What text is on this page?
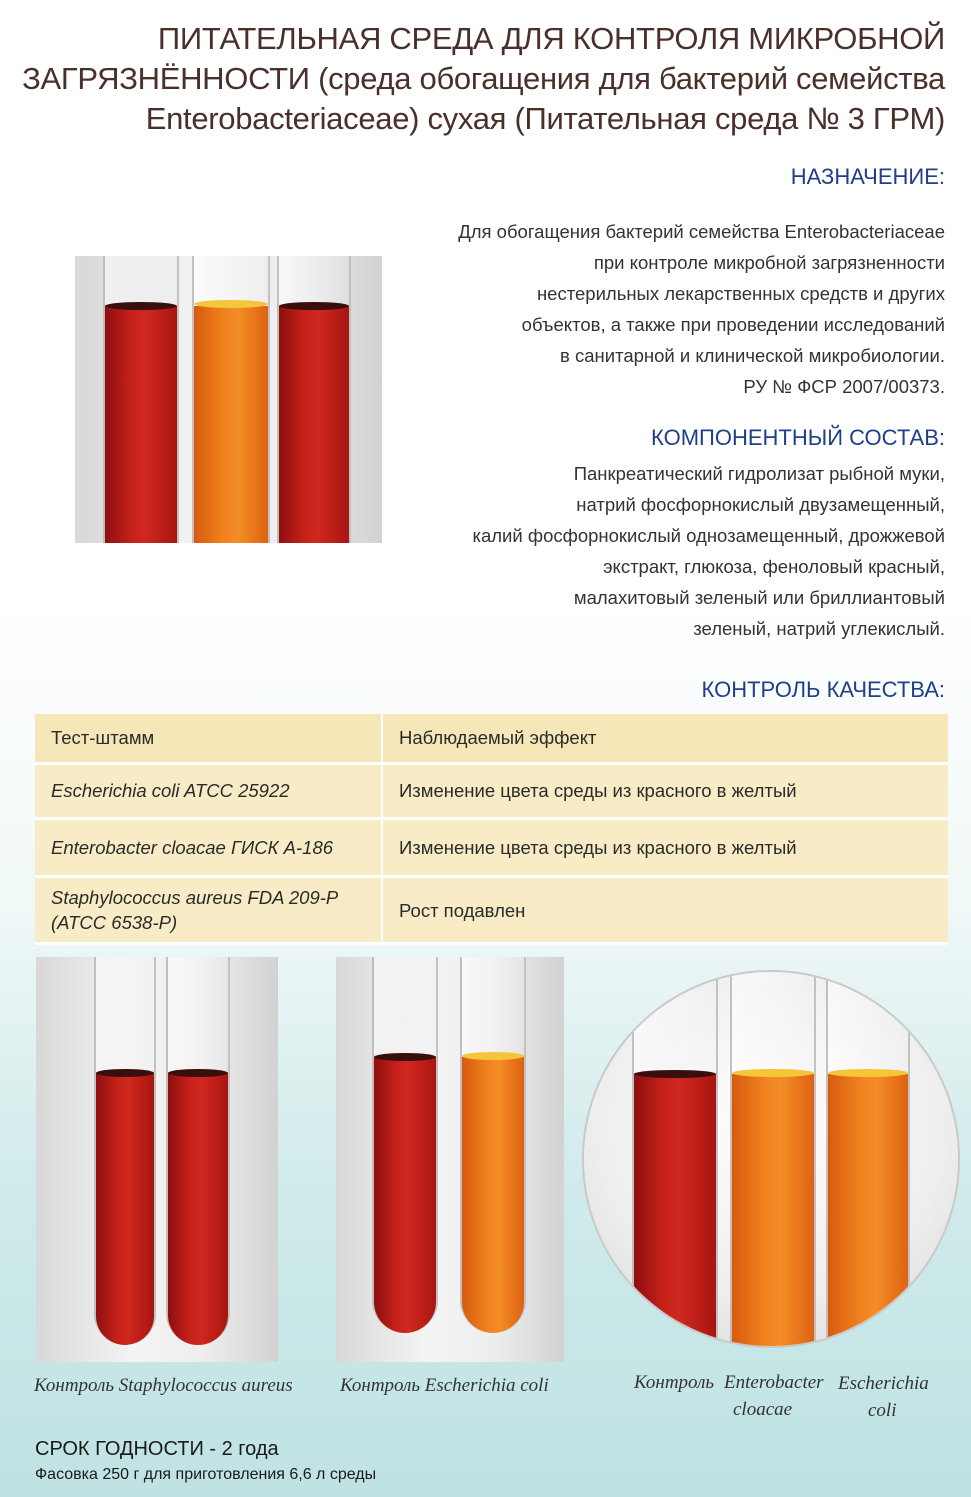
ПИТАТЕЛЬНАЯ СРЕДА ДЛЯ КОНТРОЛЯ МИКРОБНОЙ
ЗАГРЯЗНЁННОСТИ (среда обогащения для бактерий семейства
Enterobacteriaceae) сухая (Питательная среда № 3 ГРМ)
НАЗНАЧЕНИЕ:
Для обогащения бактерий семейства Enterobacteriaceae
при контроле микробной загрязненности
нестерильных лекарственных средств и других
объектов, а также при проведении исследований
в санитарной и клинической микробиологии.
РУ № ФСР 2007/00373.
КОМПОНЕНТНЫЙ СОСТАВ:
Панкреатический гидролизат рыбной муки,
натрий фосфорнокислый двузамещенный,
калий фосфорнокислый однозамещенный, дрожжевой
экстракт, глюкоза, феноловый красный,
малахитовый зеленый или бриллиантовый
зеленый, натрий углекислый.
КОНТРОЛЬ КАЧЕСТВА:
Тест-штамм	Наблюдаемый эффект
Escherichia coli ATCC 25922	Изменение цвета среды из красного в желтый
Enterobacter cloacae ГИСК А-186	Изменение цвета среды из красного в желтый

Staphylococcus aureus FDA 209-P
(ATCC 6538-P)	Рост подавлен
Контроль Staphylococcus aureus Контроль Escherichia coli	Контроль Enterobacter
cloacae
Escherichia
coli
СРОК ГОДНОСТИ - 2 года
Фасовка 250 г для приготовления 6,6 л среды
